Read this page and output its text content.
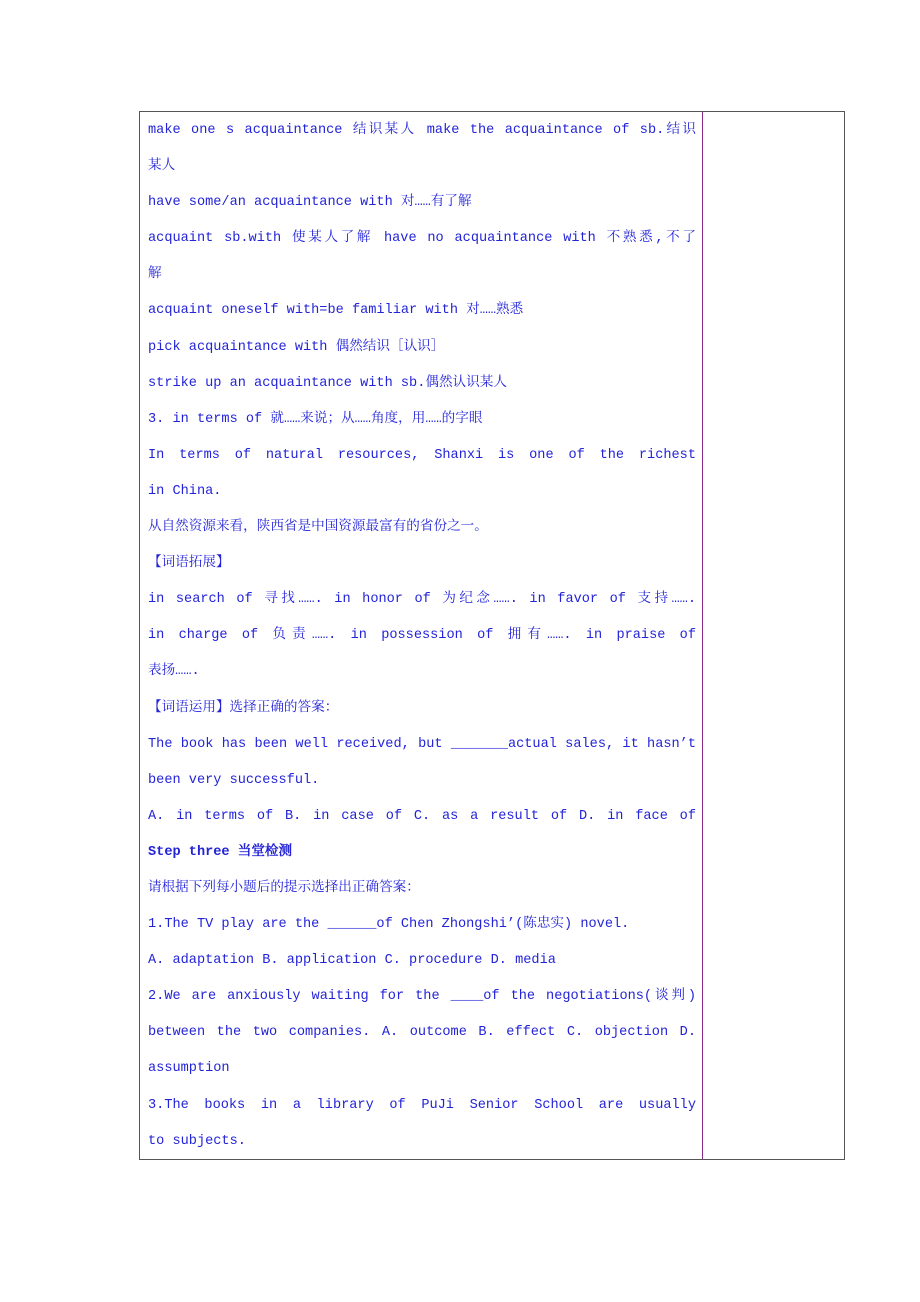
make one s acquaintance 结识某人 make the acquaintance of sb.结识
某人
have some/an acquaintance with 对……有了解
acquaint sb.with 使某人了解 have no acquaintance with 不熟悉,不了
解
acquaint oneself with=be familiar with 对……熟悉
pick acquaintance with 偶然结识［认识］
strike up an acquaintance with sb.偶然认识某人
3. in terms of 就……来说；从……角度，用……的字眼
In terms of natural resources, Shanxi is one of the richest
in China.
从自然资源来看，陕西省是中国资源最富有的省份之一。
【词语拓展】
in search of 寻找……. in honor of 为纪念……. in favor of 支持…….
in charge of 负责……. in possession of 拥有……. in praise of
表扬…….
【词语运用】选择正确的答案：
The book has been well received, but _______actual sales, it hasn’t
been very successful.
A. in terms of B. in case of C. as a result of D. in face of
Step three 当堂检测
请根据下列每小题后的提示选择出正确答案：
1.The TV play are the ______of Chen Zhongshi’(陈忠实) novel.
A. adaptation B. application C. procedure D. media
2.We are anxiously waiting for the ____of the negotiations(谈判)
between the two companies. A. outcome B. effect C. objection D.
assumption
3.The books in a library of PuJi Senior School are usually
to subjects.
